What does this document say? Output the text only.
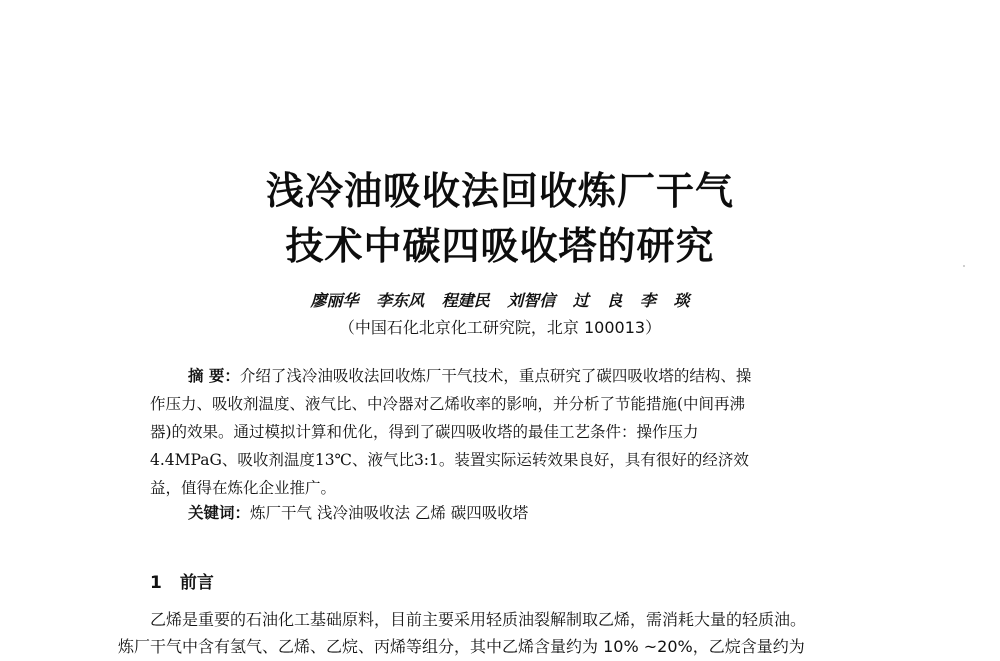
浅冷油吸收法回收炼厂干气
技术中碳四吸收塔的研究
廖丽华 李东风 程建民 刘智信 过 良 李 琰
（中国石化北京化工研究院，北京 100013）
摘 要：介绍了浅冷油吸收法回收炼厂干气技术，重点研究了碳四吸收塔的结构、操
作压力、吸收剂温度、液气比、中冷器对乙烯收率的影响，并分析了节能措施(中间再沸
器)的效果。通过模拟计算和优化，得到了碳四吸收塔的最佳工艺条件：操作压力
4.4MPaG、吸收剂温度13℃、液气比3:1。装置实际运转效果良好，具有很好的经济效
益，值得在炼化企业推广。
关键词：炼厂干气 浅冷油吸收法 乙烯 碳四吸收塔
1 前言
乙烯是重要的石油化工基础原料，目前主要采用轻质油裂解制取乙烯，需消耗大量的轻质油。
炼厂干气中含有氢气、乙烯、乙烷、丙烯等组分，其中乙烯含量约为 10% ~20%，乙烷含量约为
